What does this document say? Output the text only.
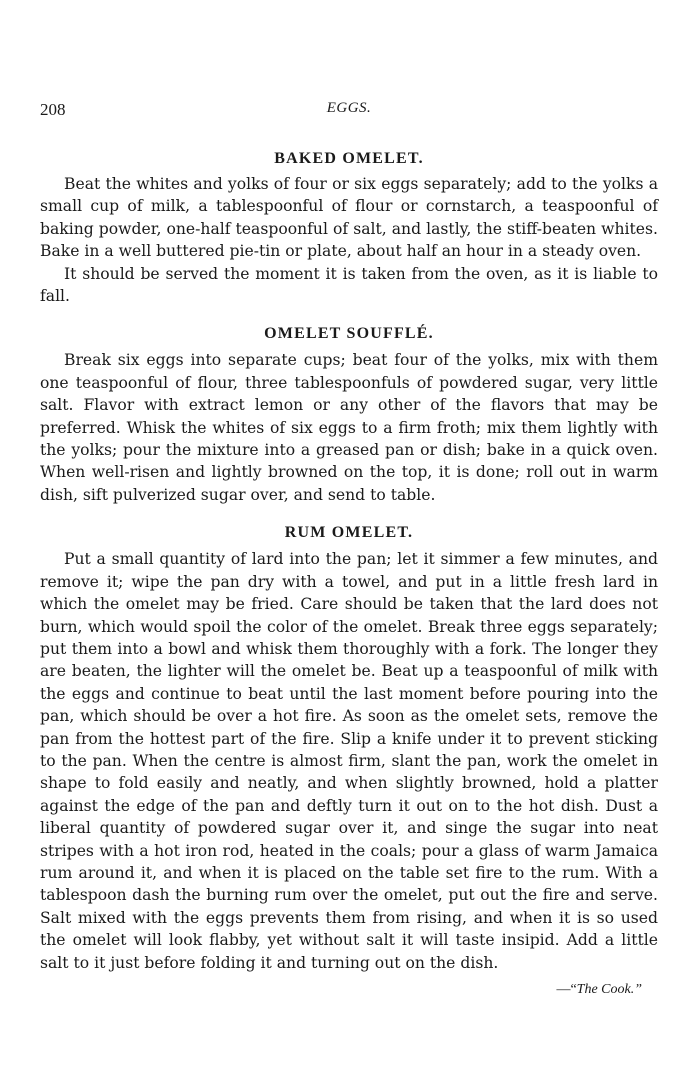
208	EGGS.
BAKED OMELET.

Beat the whites and yolks of four or six eggs separately; add to the yolks a small cup of milk, a tablespoonful of flour or cornstarch, a teaspoonful of baking powder, one-half teaspoonful of salt, and lastly, the stiff-beaten whites. Bake in a well buttered pie-tin or plate, about half an hour in a steady oven.

It should be served the moment it is taken from the oven, as it is liable to fall.

OMELET SOUFFLÉ.

Break six eggs into separate cups; beat four of the yolks, mix with them one teaspoonful of flour, three tablespoonfuls of powdered sugar, very little salt. Flavor with extract lemon or any other of the flavors that may be preferred. Whisk the whites of six eggs to a firm froth; mix them lightly with the yolks; pour the mixture into a greased pan or dish; bake in a quick oven. When well-risen and lightly browned on the top, it is done; roll out in warm dish, sift pulverized sugar over, and send to table.

RUM OMELET.

Put a small quantity of lard into the pan; let it simmer a few minutes, and remove it; wipe the pan dry with a towel, and put in a little fresh lard in which the omelet may be fried. Care should be taken that the lard does not burn, which would spoil the color of the omelet. Break three eggs separately; put them into a bowl and whisk them thoroughly with a fork. The longer they are beaten, the lighter will the omelet be. Beat up a teaspoonful of milk with the eggs and continue to beat until the last moment before pouring into the pan, which should be over a hot fire. As soon as the omelet sets, remove the pan from the hottest part of the fire. Slip a knife under it to prevent sticking to the pan. When the centre is almost firm, slant the pan, work the omelet in shape to fold easily and neatly, and when slightly browned, hold a platter against the edge of the pan and deftly turn it out on to the hot dish. Dust a liberal quantity of powdered sugar over it, and singe the sugar into neat stripes with a hot iron rod, heated in the coals; pour a glass of warm Jamaica rum around it, and when it is placed on the table set fire to the rum. With a tablespoon dash the burning rum over the omelet, put out the fire and serve. Salt mixed with the eggs prevents them from rising, and when it is so used the omelet will look flabby, yet without salt it will taste insipid. Add a little salt to it just before folding it and turning out on the dish.

—“The Cook.”
